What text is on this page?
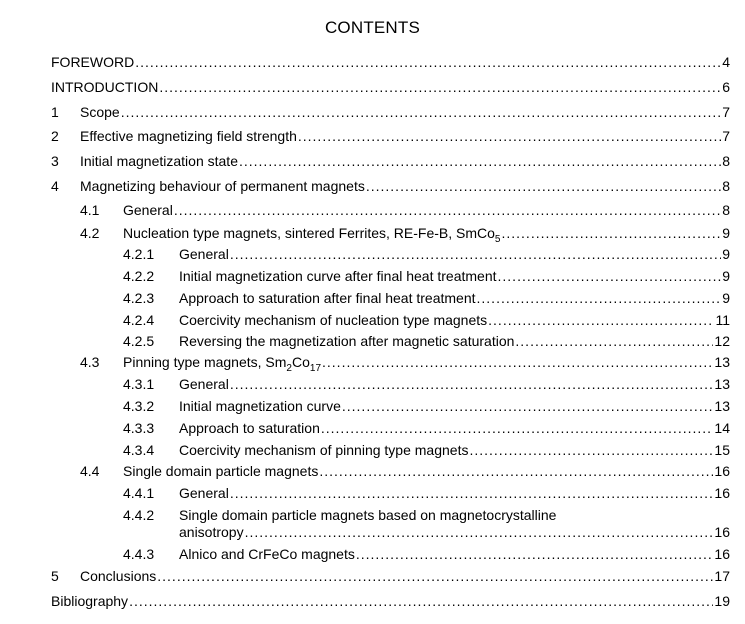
CONTENTS
FOREWORD .....	4
INTRODUCTION .....	6
1	Scope .....	7
2	Effective magnetizing field strength .....	7
3	Initial magnetization state .....	8
4	Magnetizing behaviour of permanent magnets .....	8
4.1	General .....	8
4.2	Nucleation type magnets, sintered Ferrites, RE-Fe-B, SmCo$_5$ .....	9
4.2.1	General .....	9
4.2.2	Initial magnetization curve after final heat treatment .....	9
4.2.3	Approach to saturation after final heat treatment .....	9
4.2.4	Coercivity mechanism of nucleation type magnets .....	11
4.2.5	Reversing the magnetization after magnetic saturation .....	12
4.3	Pinning type magnets, $Sm_2Co_{17}$ .....	13
4.3.1	General .....	13
4.3.2	Initial magnetization curve .....	13
4.3.3	Approach to saturation .....	14
4.3.4	Coercivity mechanism of pinning type magnets .....	15
4.4	Single domain particle magnets .....	16
4.4.1	General .....	16
4.4.2	Single domain particle magnets based on magnetocrystalline
anisotropy .....	16
4.4.3	Alnico and CrFeCo magnets .....	16
5	Conclusions .....	17
Bibliography .....	19
